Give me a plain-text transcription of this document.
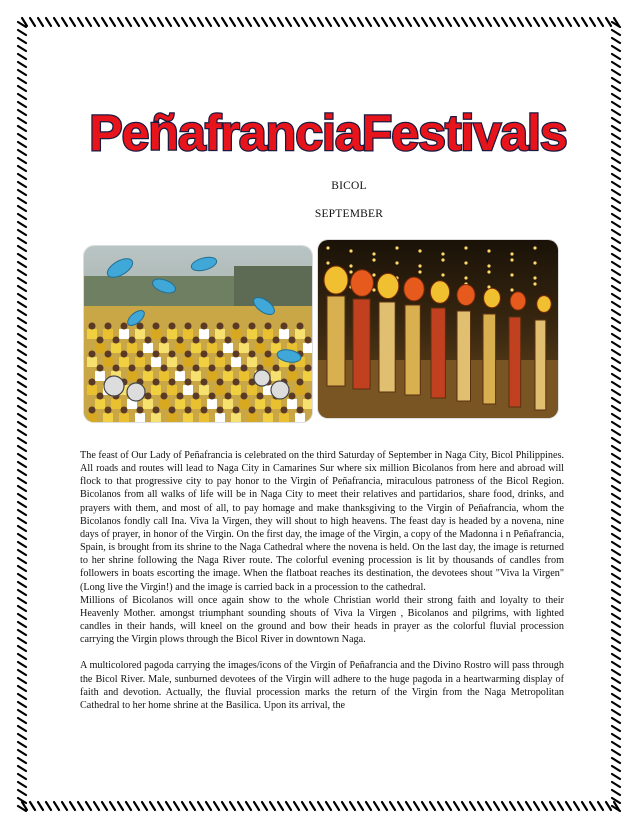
PeñafranciaFestivals
BICOL
SEPTEMBER

The feast of Our Lady of Peñafrancia is celebrated on the third Saturday of September in Naga City, Bicol Philippines. All roads and routes will lead to Naga City in Camarines Sur where six million Bicolanos from here and abroad will flock to that progressive city to pay honor to the Virgin of Peñafrancia, miraculous patroness of the Bicol Region. Bicolanos from all walks of life will be in Naga City to meet their relatives and partidarios, share food, drinks, and prayers with them, and most of all, to pay homage and make thanksgiving to the Virgin of Peñafrancia, whom the Bicolanos fondly call Ina. Viva la Virgen, they will shout to high heavens. The feast day is headed by a novena, nine days of prayer, in honor of the Virgin. On the first day, the image of the Virgin, a copy of the Madonna i n Peñafrancia, Spain, is brought from its shrine to the Naga Cathedral where the novena is held. On the last day, the image is returned to her shrine following the Naga River route. The colorful evening procession is lit by thousands of candles from followers in boats escorting the image. When the flatboat reaches its destination, the devotees shout "Viva la Virgen" (Long live the Virgin!) and the image is carried back in a procession to the cathedral.

Millions of Bicolanos will once again show to the whole Christian world their strong faith and loyalty to their Heavenly Mother. amongst triumphant sounding shouts of Viva la Virgen , Bicolanos and pilgrims, with lighted candles in their hands, will kneel on the ground and bow their heads in prayer as the colorful fluvial procession carrying the Virgin plows through the Bicol River in downtown Naga.

A multicolored pagoda carrying the images/icons of the Virgin of Peñafrancia and the Divino Rostro will pass through the Bicol River. Male, sunburned devotees of the Virgin will adhere to the huge pagoda in a heartwarming display of faith and devotion. Actually, the fluvial procession marks the return of the Virgin from the Naga Metropolitan Cathedral to her home shrine at the Basilica. Upon its arrival, the
